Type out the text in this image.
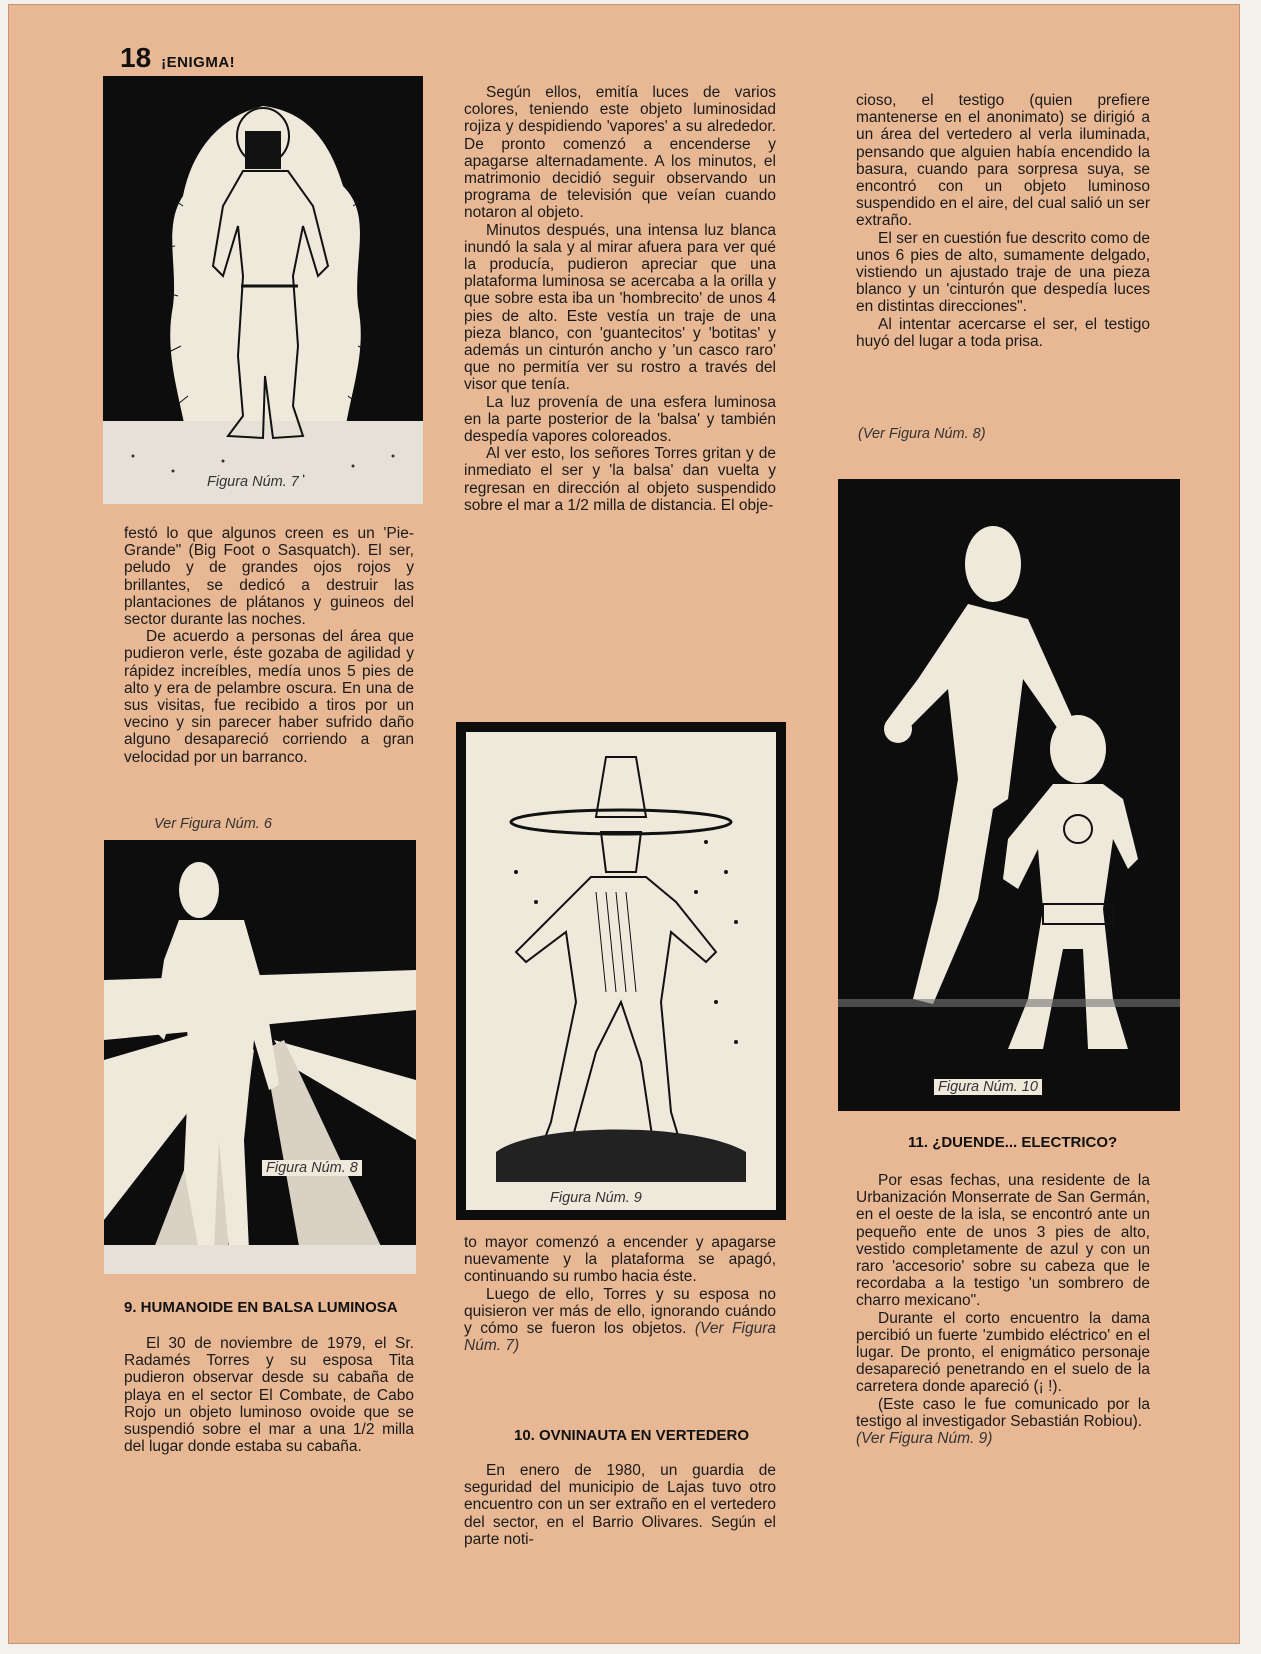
18 ¡ENIGMA!
Figura Núm. 7

festó lo que algunos creen es un 'Pie-Grande" (Big Foot o Sasquatch). El ser, peludo y de grandes ojos rojos y brillantes, se dedicó a destruir las plantaciones de plátanos y guineos del sector durante las noches.

De acuerdo a personas del área que pudieron verle, éste gozaba de agilidad y rápidez increíbles, medía unos 5 pies de alto y era de pelambre oscura. En una de sus visitas, fue recibido a tiros por un vecino y sin parecer haber sufrido daño alguno desapareció corriendo a gran velocidad por un barranco.

Ver Figura Núm. 6
Figura Núm. 8
9. HUMANOIDE EN BALSA LUMINOSA

El 30 de noviembre de 1979, el Sr. Radamés Torres y su esposa Tita pudieron observar desde su cabaña de playa en el sector El Combate, de Cabo Rojo un objeto luminoso ovoide que se suspendió sobre el mar a una 1/2 milla del lugar donde estaba su cabaña.

Según ellos, emitía luces de varios colores, teniendo este objeto luminosidad rojiza y despidiendo 'vapores' a su alrededor. De pronto comenzó a encenderse y apagarse alternadamente. A los minutos, el matrimonio decidió seguir observando un programa de televisión que veían cuando notaron al objeto.

Minutos después, una intensa luz blanca inundó la sala y al mirar afuera para ver qué la producía, pudieron apreciar que una plataforma luminosa se acercaba a la orilla y que sobre esta iba un 'hombrecito' de unos 4 pies de alto. Este vestía un traje de una pieza blanco, con 'guantecitos' y 'botitas' y además un cinturón ancho y 'un casco raro' que no permitía ver su rostro a través del visor que tenía.

La luz provenía de una esfera luminosa en la parte posterior de la 'balsa' y también despedía vapores coloreados.

Al ver esto, los señores Torres gritan y de inmediato el ser y 'la balsa' dan vuelta y regresan en dirección al objeto suspendido sobre el mar a 1/2 milla de distancia. El obje-

Figura Núm. 9

to mayor comenzó a encender y apagarse nuevamente y la plataforma se apagó, continuando su rumbo hacia éste.

Luego de ello, Torres y su esposa no quisieron ver más de ello, ignorando cuándo y cómo se fueron los objetos. (Ver Figura Núm. 7)

10. OVNINAUTA EN VERTEDERO

En enero de 1980, un guardia de seguridad del municipio de Lajas tuvo otro encuentro con un ser extraño en el vertedero del sector, en el Barrio Olivares. Según el parte noti-

cioso, el testigo (quien prefiere mantenerse en el anonimato) se dirigió a un área del vertedero al verla iluminada, pensando que alguien había encendido la basura, cuando para sorpresa suya, se encontró con un objeto luminoso suspendido en el aire, del cual salió un ser extraño.

El ser en cuestión fue descrito como de unos 6 pies de alto, sumamente delgado, vistiendo un ajustado traje de una pieza blanco y un 'cinturón que despedía luces en distintas direcciones".

Al intentar acercarse el ser, el testigo huyó del lugar a toda prisa.

(Ver Figura Núm. 8)
Figura Núm. 10
11. ¿DUENDE... ELECTRICO?

Por esas fechas, una residente de la Urbanización Monserrate de San Germán, en el oeste de la isla, se encontró ante un pequeño ente de unos 3 pies de alto, vestido completamente de azul y con un raro 'accesorio' sobre su cabeza que le recordaba a la testigo 'un sombrero de charro mexicano".

Durante el corto encuentro la dama percibió un fuerte 'zumbido eléctrico' en el lugar. De pronto, el enigmático personaje desapareció penetrando en el suelo de la carretera donde apareció (¡ !).

(Este caso le fue comunicado por la testigo al investigador Sebastián Robiou).

(Ver Figura Núm. 9)
